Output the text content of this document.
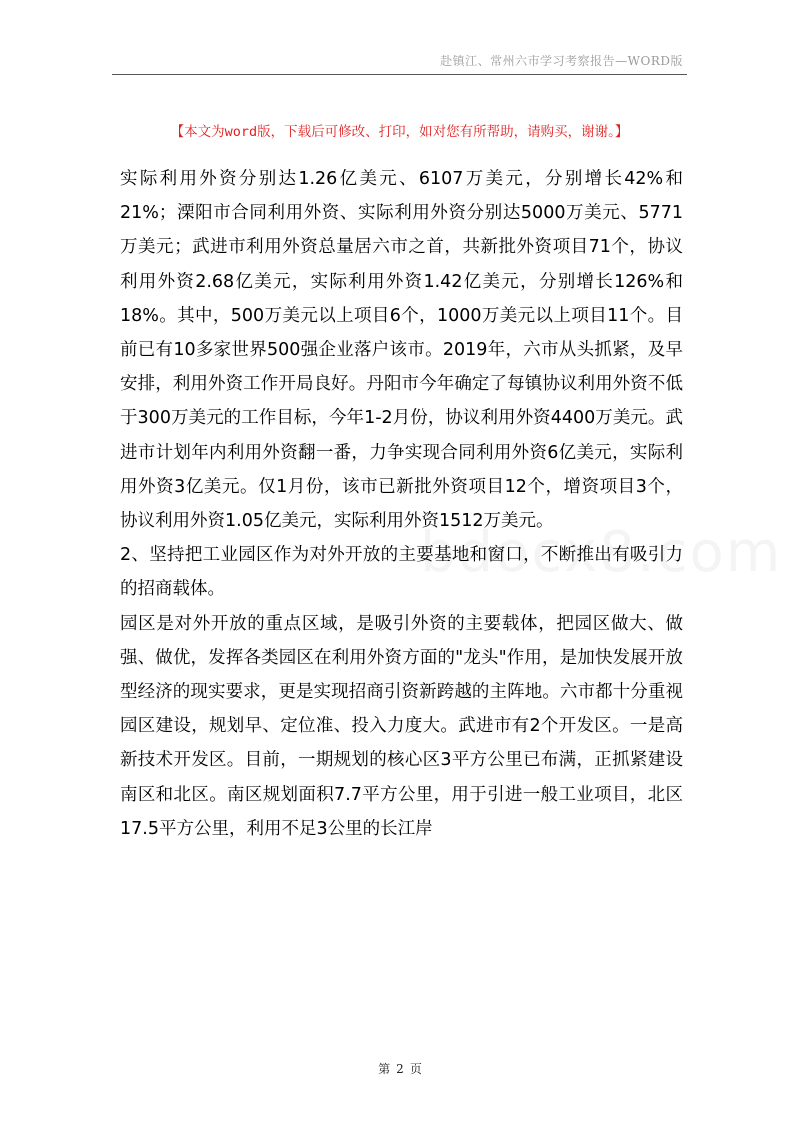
赴镇江、常州六市学习考察报告—WORD版
【本文为word版，下载后可修改、打印，如对您有所帮助，请购买，谢谢。】

实际利用外资分别达1.26亿美元、6107万美元，分别增长42%和21%；溧阳市合同利用外资、实际利用外资分别达5000万美元、5771万美元；武进市利用外资总量居六市之首，共新批外资项目71个，协议利用外资2.68亿美元，实际利用外资1.42亿美元，分别增长126%和18%。其中，500万美元以上项目6个，1000万美元以上项目11个。目前已有10多家世界500强企业落户该市。2019年，六市从头抓紧，及早安排，利用外资工作开局良好。丹阳市今年确定了每镇协议利用外资不低于300万美元的工作目标，今年1-2月份，协议利用外资4400万美元。武进市计划年内利用外资翻一番，力争实现合同利用外资6亿美元，实际利用外资3亿美元。仅1月份，该市已新批外资项目12个，增资项目3个，协议利用外资1.05亿美元，实际利用外资1512万美元。

2、坚持把工业园区作为对外开放的主要基地和窗口，不断推出有吸引力的招商载体。

园区是对外开放的重点区域，是吸引外资的主要载体，把园区做大、做强、做优，发挥各类园区在利用外资方面的"龙头"作用，是加快发展开放型经济的现实要求，更是实现招商引资新跨越的主阵地。六市都十分重视园区建设，规划早、定位准、投入力度大。武进市有2个开发区。一是高新技术开发区。目前，一期规划的核心区3平方公里已布满，正抓紧建设南区和北区。南区规划面积7.7平方公里，用于引进一般工业项目，北区17.5平方公里，利用不足3公里的长江岸

第 2 页
